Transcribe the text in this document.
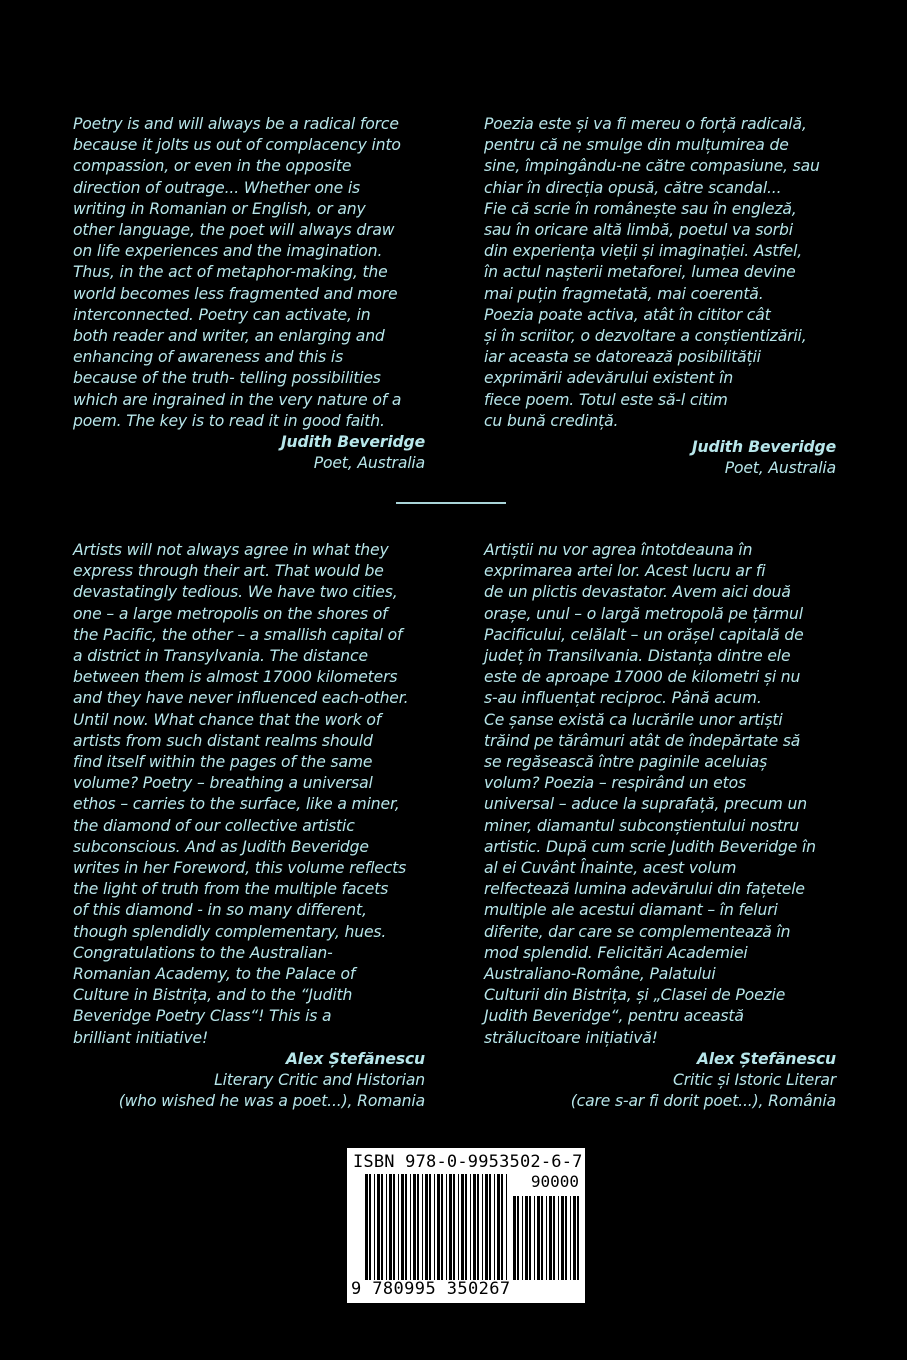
Poetry is and will always be a radical force
because it jolts us out of complacency into
compassion, or even in the opposite
direction of outrage... Whether one is
writing in Romanian or English, or any
other language, the poet will always draw
on life experiences and the imagination.
Thus, in the act of metaphor-making, the
world becomes less fragmented and more
interconnected. Poetry can activate, in
both reader and writer, an enlarging and
enhancing of awareness and this is
because of the truth- telling possibilities
which are ingrained in the very nature of a
poem. The key is to read it in good faith.
Judith Beveridge
Poet, Australia
Poezia este și va fi mereu o forță radicală,
pentru că ne smulge din mulțumirea de
sine, împingându-ne către compasiune, sau
chiar în direcția opusă, către scandal...
Fie că scrie în românește sau în engleză,
sau în oricare altă limbă, poetul va sorbi
din experiența vieții și imaginației. Astfel,
în actul nașterii metaforei, lumea devine
mai puțin fragmetată, mai coerentă.
Poezia poate activa, atât în cititor cât
și în scriitor, o dezvoltare a conștientizării,
iar aceasta se datorează posibilității
exprimării adevărului existent în
fiece poem. Totul este să-l citim
cu bună credință.
Judith Beveridge
Poet, Australia
Artists will not always agree in what they
express through their art. That would be
devastatingly tedious. We have two cities,
one – a large metropolis on the shores of
the Pacific, the other – a smallish capital of
a district in Transylvania. The distance
between them is almost 17000 kilometers
and they have never influenced each-other.
Until now. What chance that the work of
artists from such distant realms should
find itself within the pages of the same
volume? Poetry – breathing a universal
ethos – carries to the surface, like a miner,
the diamond of our collective artistic
subconscious. And as Judith Beveridge
writes in her Foreword, this volume reflects
the light of truth from the multiple facets
of this diamond - in so many different,
though splendidly complementary, hues.
Congratulations to the Australian-
Romanian Academy, to the Palace of
Culture in Bistrița, and to the “Judith
Beveridge Poetry Class“! This is a
brilliant initiative!
Alex Ștefănescu
Literary Critic and Historian
(who wished he was a poet...), Romania
Artiștii nu vor agrea întotdeauna în
exprimarea artei lor. Acest lucru ar fi
de un plictis devastator. Avem aici două
orașe, unul – o largă metropolă pe țărmul
Pacificului, celălalt – un orășel capitală de
județ în Transilvania. Distanța dintre ele
este de aproape 17000 de kilometri și nu
s-au influențat reciproc. Până acum.
Ce șanse există ca lucrările unor artiști
trăind pe tărâmuri atât de îndepărtate să
se regăsească între paginile aceluiaș
volum? Poezia – respirând un etos
universal – aduce la suprafață, precum un
miner, diamantul subconștientului nostru
artistic. După cum scrie Judith Beveridge în
al ei Cuvânt Înainte, acest volum
relfectează lumina adevărului din fațetele
multiple ale acestui diamant – în feluri
diferite, dar care se complementează în
mod splendid. Felicitări Academiei
Australiano-Române, Palatului
Culturii din Bistrița, și „Clasei de Poezie
Judith Beveridge“, pentru această
strălucitoare inițiativă!
Alex Ștefănescu
Critic și Istoric Literar
(care s-ar fi dorit poet...), România
ISBN 978-0-9953502-6-7
90000
9 780995 350267
